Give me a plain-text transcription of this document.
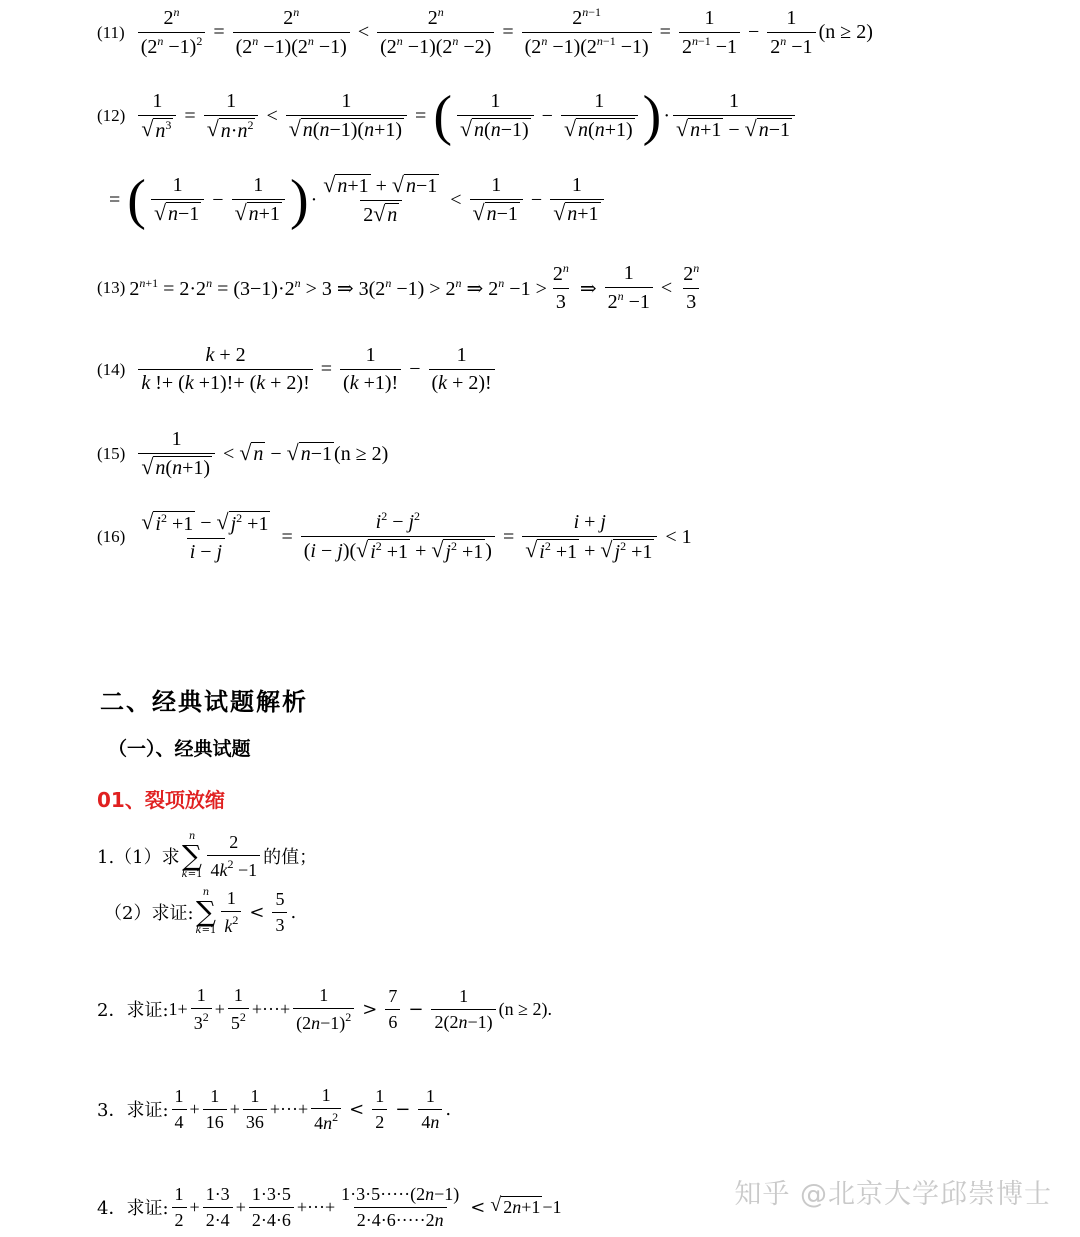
$(11) \frac{2^n}{(2^n -1)^2} = \frac{2^n}{(2^n -1)(2^n -1)} < \frac{2^n}{(2^n -1)(2^n -2)} = \frac{2^{n-1}}{(2^n -1)(2^{n-1} -1)} = \frac{1}{2^{n-1} -1} - \frac{1}{2^n -1} (n \ge 2)$
$(12) \frac{1}{√ n^3} = \frac{1}{√ n\cdot n^2} < \frac{1}{√ n(n-1)(n+1)}$ = ( $\frac{1}{√ n(n-1)} - \frac{1}{√ n(n+1)}$ ) · $\frac{1}{√ n+1 - √ n-1}$
= ( $\frac{1}{√ n-1} - \frac{1}{√ n+1}$ ) · $\frac{√ n+1 + √ n-1}{2 √ n} < \frac{1}{√ n-1} - \frac{1}{√ n+1}$
(13) $2^{n+1} = 2\cdot 2^n = (3-1)\cdot 2^n > 3$ ⇒ $3(2^n -1) > 2^n$ ⇒ $2^n -1 > \frac{2^n}{3}$ ⇒ $\frac{1}{2^n -1} < \frac{2^n}{3}$
$(14) \frac{k + 2}{k !+ (k +1)!+ (k + 2)!} = \frac{1}{(k +1)!} - \frac{1}{(k + 2)!}$
$(15) \frac{1}{√ n(n+1)}$ < √ n − √ n−1 (n ≥ 2)
$(16) \frac{√ i^2 +1 - √ j^2 +1}{i - j} = \frac{i^2 - j^2}{(i - j)( √ i^2 +1 + √ j^2 +1 )} = \frac{i + j}{√ i^2 +1 + √ j^2 +1} < 1$
二、经典试题解析
（一）、经典试题
01、裂项放缩
1.（1）求
n
∑
$k=1 \frac{2}{4k^2 -1}$ 的值；
（2）求证:
n
∑
$k=1 \frac{1}{k^2} < \frac{5}{3}$ .
2．求证: $1+ \frac{1}{3^2} + \frac{1}{5^2}$ +···+ $\frac{1}{(2n-1)^2} > \frac{7}{6} - \frac{1}{2(2n-1)} (n \ge 2)$.
3．求证: $\frac{1}{4} + \frac{1}{16} + \frac{1}{36}$ +···+ $\frac{1}{4n^2} < \frac{1}{2} - \frac{1}{4n}$ .
4．求证: $\frac{1}{2} + \frac{1\cdot 3}{2\cdot 4} + \frac{1\cdot 3\cdot 5}{2\cdot 4\cdot 6}$ +···+ $\frac{1\cdot 3\cdot 5\cdot\cdot\cdot\cdot\cdot(2n-1)}{2\cdot 4\cdot 6\cdot\cdot\cdot\cdot\cdot 2n}$ < √ 2n+1 −1	知乎 @北京大学邱崇博士
